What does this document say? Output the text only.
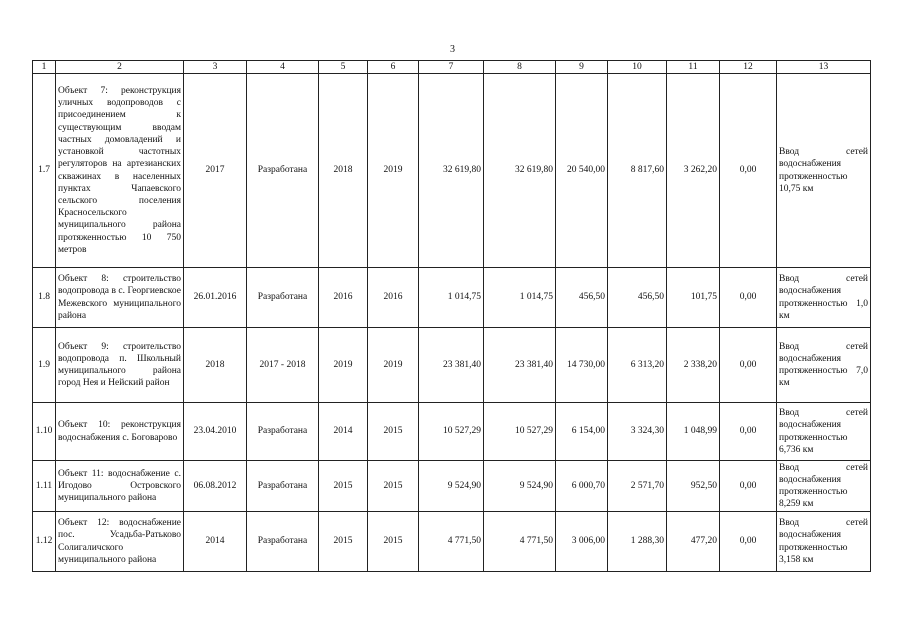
3
1	2	3	4	5	6	7	8	9	10	11	12	13
1.7	Объект 7: реконструкция уличных водопроводов с присоединением к существующим вводам частных домовладений и установкой частотных регуляторов на артезианских скважинах в населенных пунктах Чапаевского сельского поселения Красносельского муниципального района протяженностью 10 750 метров	2017	Разработана	2018	2019	32 619,80	32 619,80	20 540,00	8 817,60	3 262,20	0,00	Ввод сетей водоснабжения протяженностью 10,75 км
1.8	Объект 8: строительство водопровода в с. Георгиевское Межевского муниципального района	26.01.2016	Разработана	2016	2016	1 014,75	1 014,75	456,50	456,50	101,75	0,00	Ввод сетей водоснабжения протяженностью 1,0 км
1.9	Объект 9: строительство водопровода п. Школьный муниципального района город Нея и Нейский район	2018	2017 - 2018	2019	2019	23 381,40	23 381,40	14 730,00	6 313,20	2 338,20	0,00	Ввод сетей водоснабжения протяженностью 7,0 км
1.10	Объект 10: реконструкция водоснабжения с. Боговарово	23.04.2010	Разработана	2014	2015	10 527,29	10 527,29	6 154,00	3 324,30	1 048,99	0,00	Ввод сетей водоснабжения протяженностью 6,736 км
1.11	Объект 11: водоснабжение с. Игодово Островского муниципального района	06.08.2012	Разработана	2015	2015	9 524,90	9 524,90	6 000,70	2 571,70	952,50	0,00	Ввод сетей водоснабжения протяженностью 8,259 км
1.12	Объект 12: водоснабжение пос. Усадьба-Ратьково Солигаличского муниципального района	2014	Разработана	2015	2015	4 771,50	4 771,50	3 006,00	1 288,30	477,20	0,00	Ввод сетей водоснабжения протяженностью 3,158 км
